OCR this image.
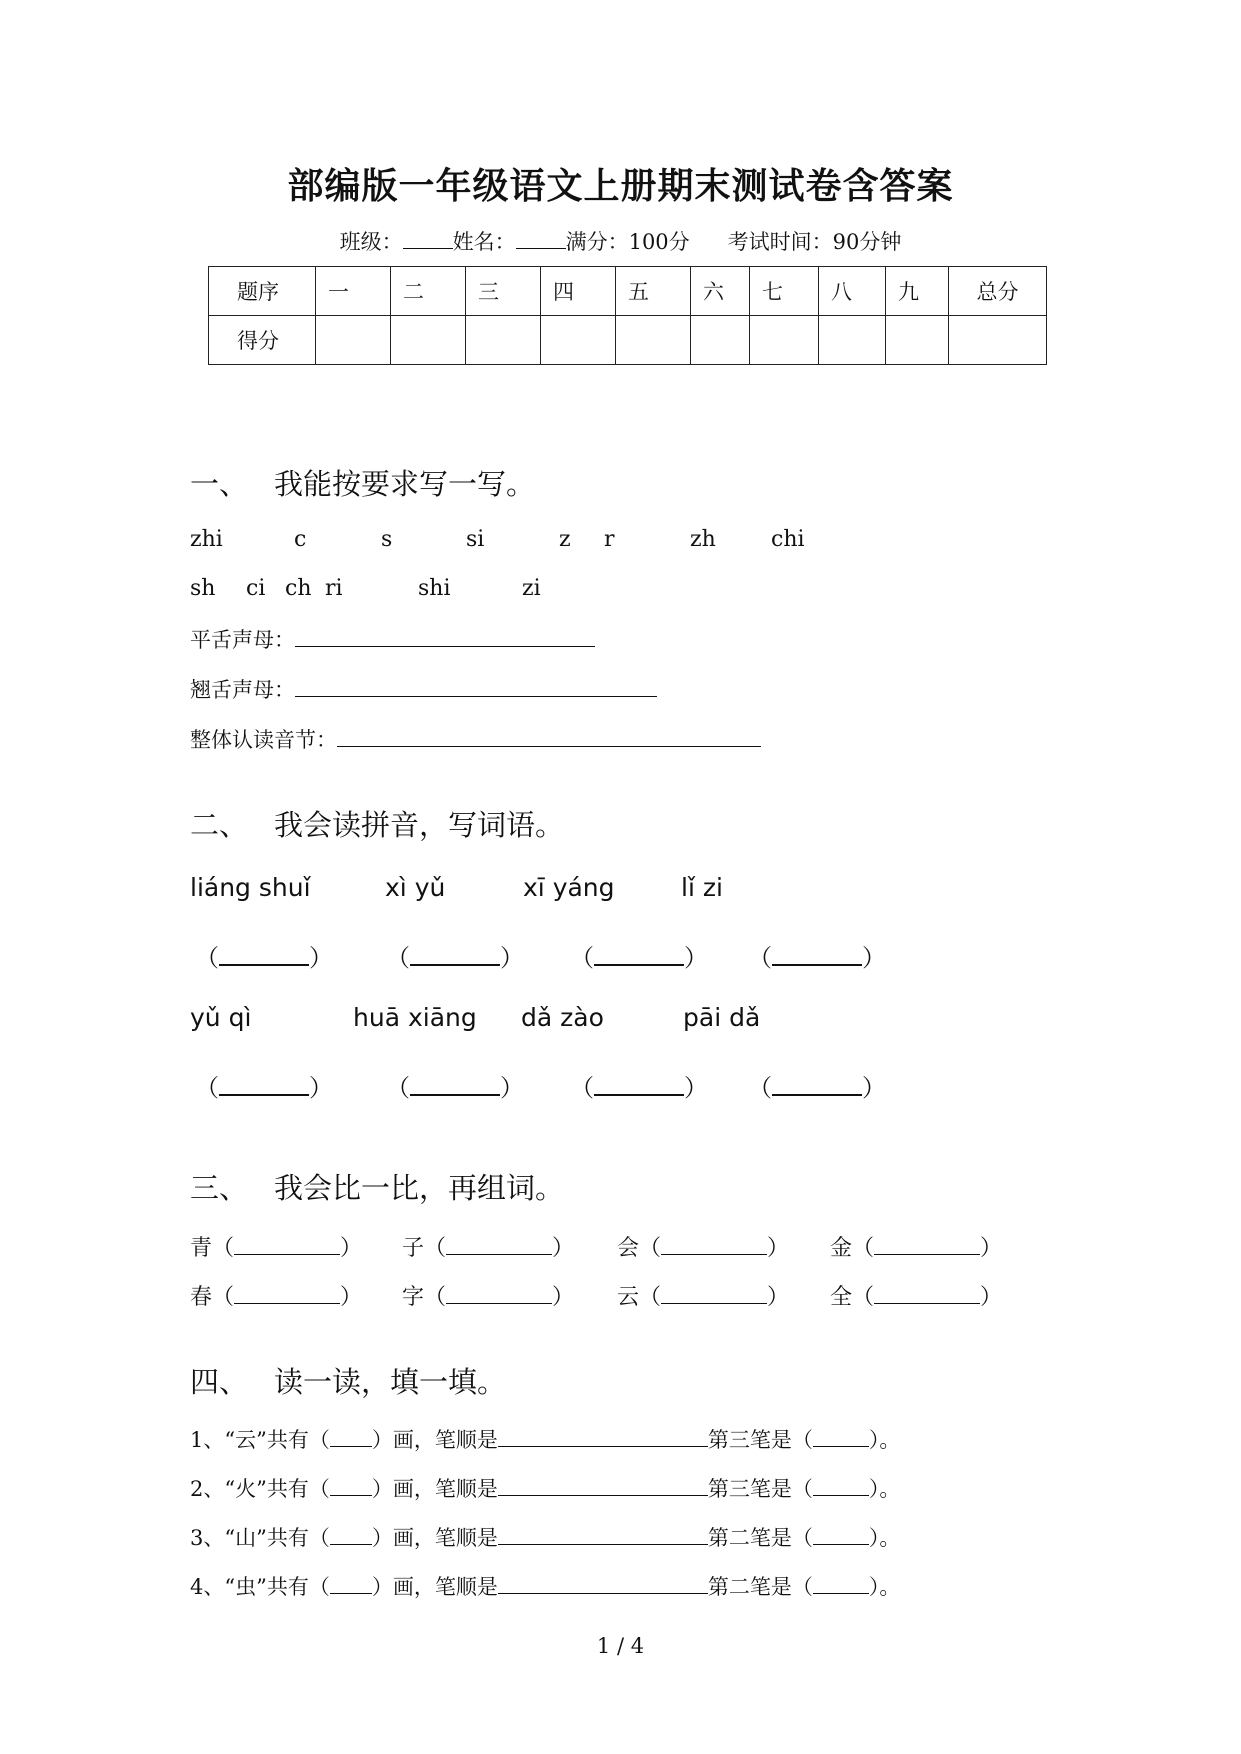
部编版一年级语文上册期末测试卷含答案
班级： 姓名： 满分：100分 考试时间：90分钟
题序	一	二	三	四	五	六	七	八	九	总分
得分										
一、 我能按要求写一写。
zhi	c	s	si	z r	zh	chi
sh ci ch ri	shi	zi
平舌声母：
翘舌声母：
整体认读音节：
二、 我会读拼音，写词语。
liáng shuǐ	xì yǔ	xī yáng	lǐ zi
（	） （	） （	） （	）
yǔ qì	huā xiāng dǎ zào	pāi dǎ
（	） （	） （	） （	）
三、 我会比一比，再组词。
青（	） 子（	） 会（	） 金（	）
春（	） 字（	） 云（	） 全（	）
四、 读一读，填一填。
1、“云”共有（ ）画，笔顺是	第三笔是（	）。
2、“火”共有（ ）画，笔顺是	第三笔是（	）。
3、“山”共有（ ）画，笔顺是	第二笔是（	）。
4、“虫”共有（ ）画，笔顺是	第二笔是（	）。
1 / 4
